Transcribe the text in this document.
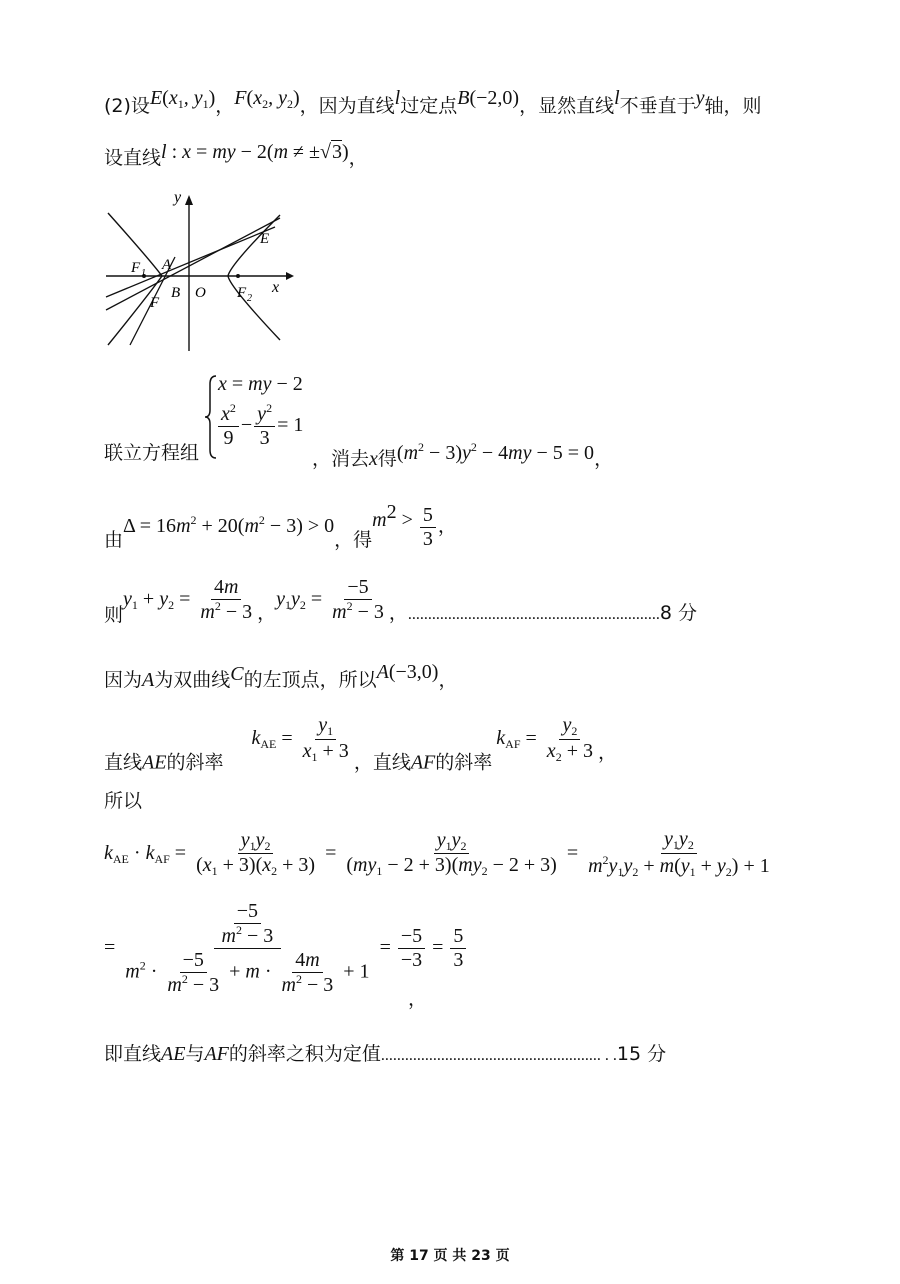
(2)设$E(x_1$, $y_1$)，$F(x_2$, $y_2$)，因为直线l过定点B(−2,0)，显然直线l不垂直于y轴，则
设直线l : x = my − 2(m ≠ ±√3)，
y
x
O
E
A
F 1
B
F
F 2
联立方程组
x = my − 2
$\frac{x^2}{9} - \frac{y^2}{3} = 1$
，消去x得$(m^2 - 3)y^2 - 4my - 5 = 0$，
由$\Delta = 16m^2 + 20(m^2 - 3) > 0$，得$m^2 > \frac{5}{3}$ ，
则$y_1 + y_2 = \frac{4m}{m^2 - 3}$ ，$y_1y_2 = \frac{-5}{m^2 - 3}$ ，$_{...............................................................}$8 分
因为A为双曲线C的左顶点，所以A(−3,0)，
直线AE的斜率$k_{AE} = \frac{y_1}{x_1 + 3}$ ，直线AF的斜率$k_{AF} = \frac{y_2}{x_2 + 3}$ ，
所以
$k_{AE} \cdot k_{AF} = \frac{y_1y_2}{(x_1 + 3)(x_2 + 3)} = \frac{y_1y_2}{(my_1 - 2 + 3)(my_2 - 2 + 3)} = \frac{y_1y_2}{m^2y_1y_2 + m(y_1 + y_2) + 1}$
= $\frac{\frac{-5}{m^2 - 3}}{m^2 \cdot \frac{-5}{m^2 - 3} + m \cdot \frac{4m}{m^2 - 3} + 1} = \frac{-5}{-3} = \frac{5}{3}$
，
即直线AE与AF的斜率之积为定值....................................................... . .15 分
第 17 页 共 23 页
